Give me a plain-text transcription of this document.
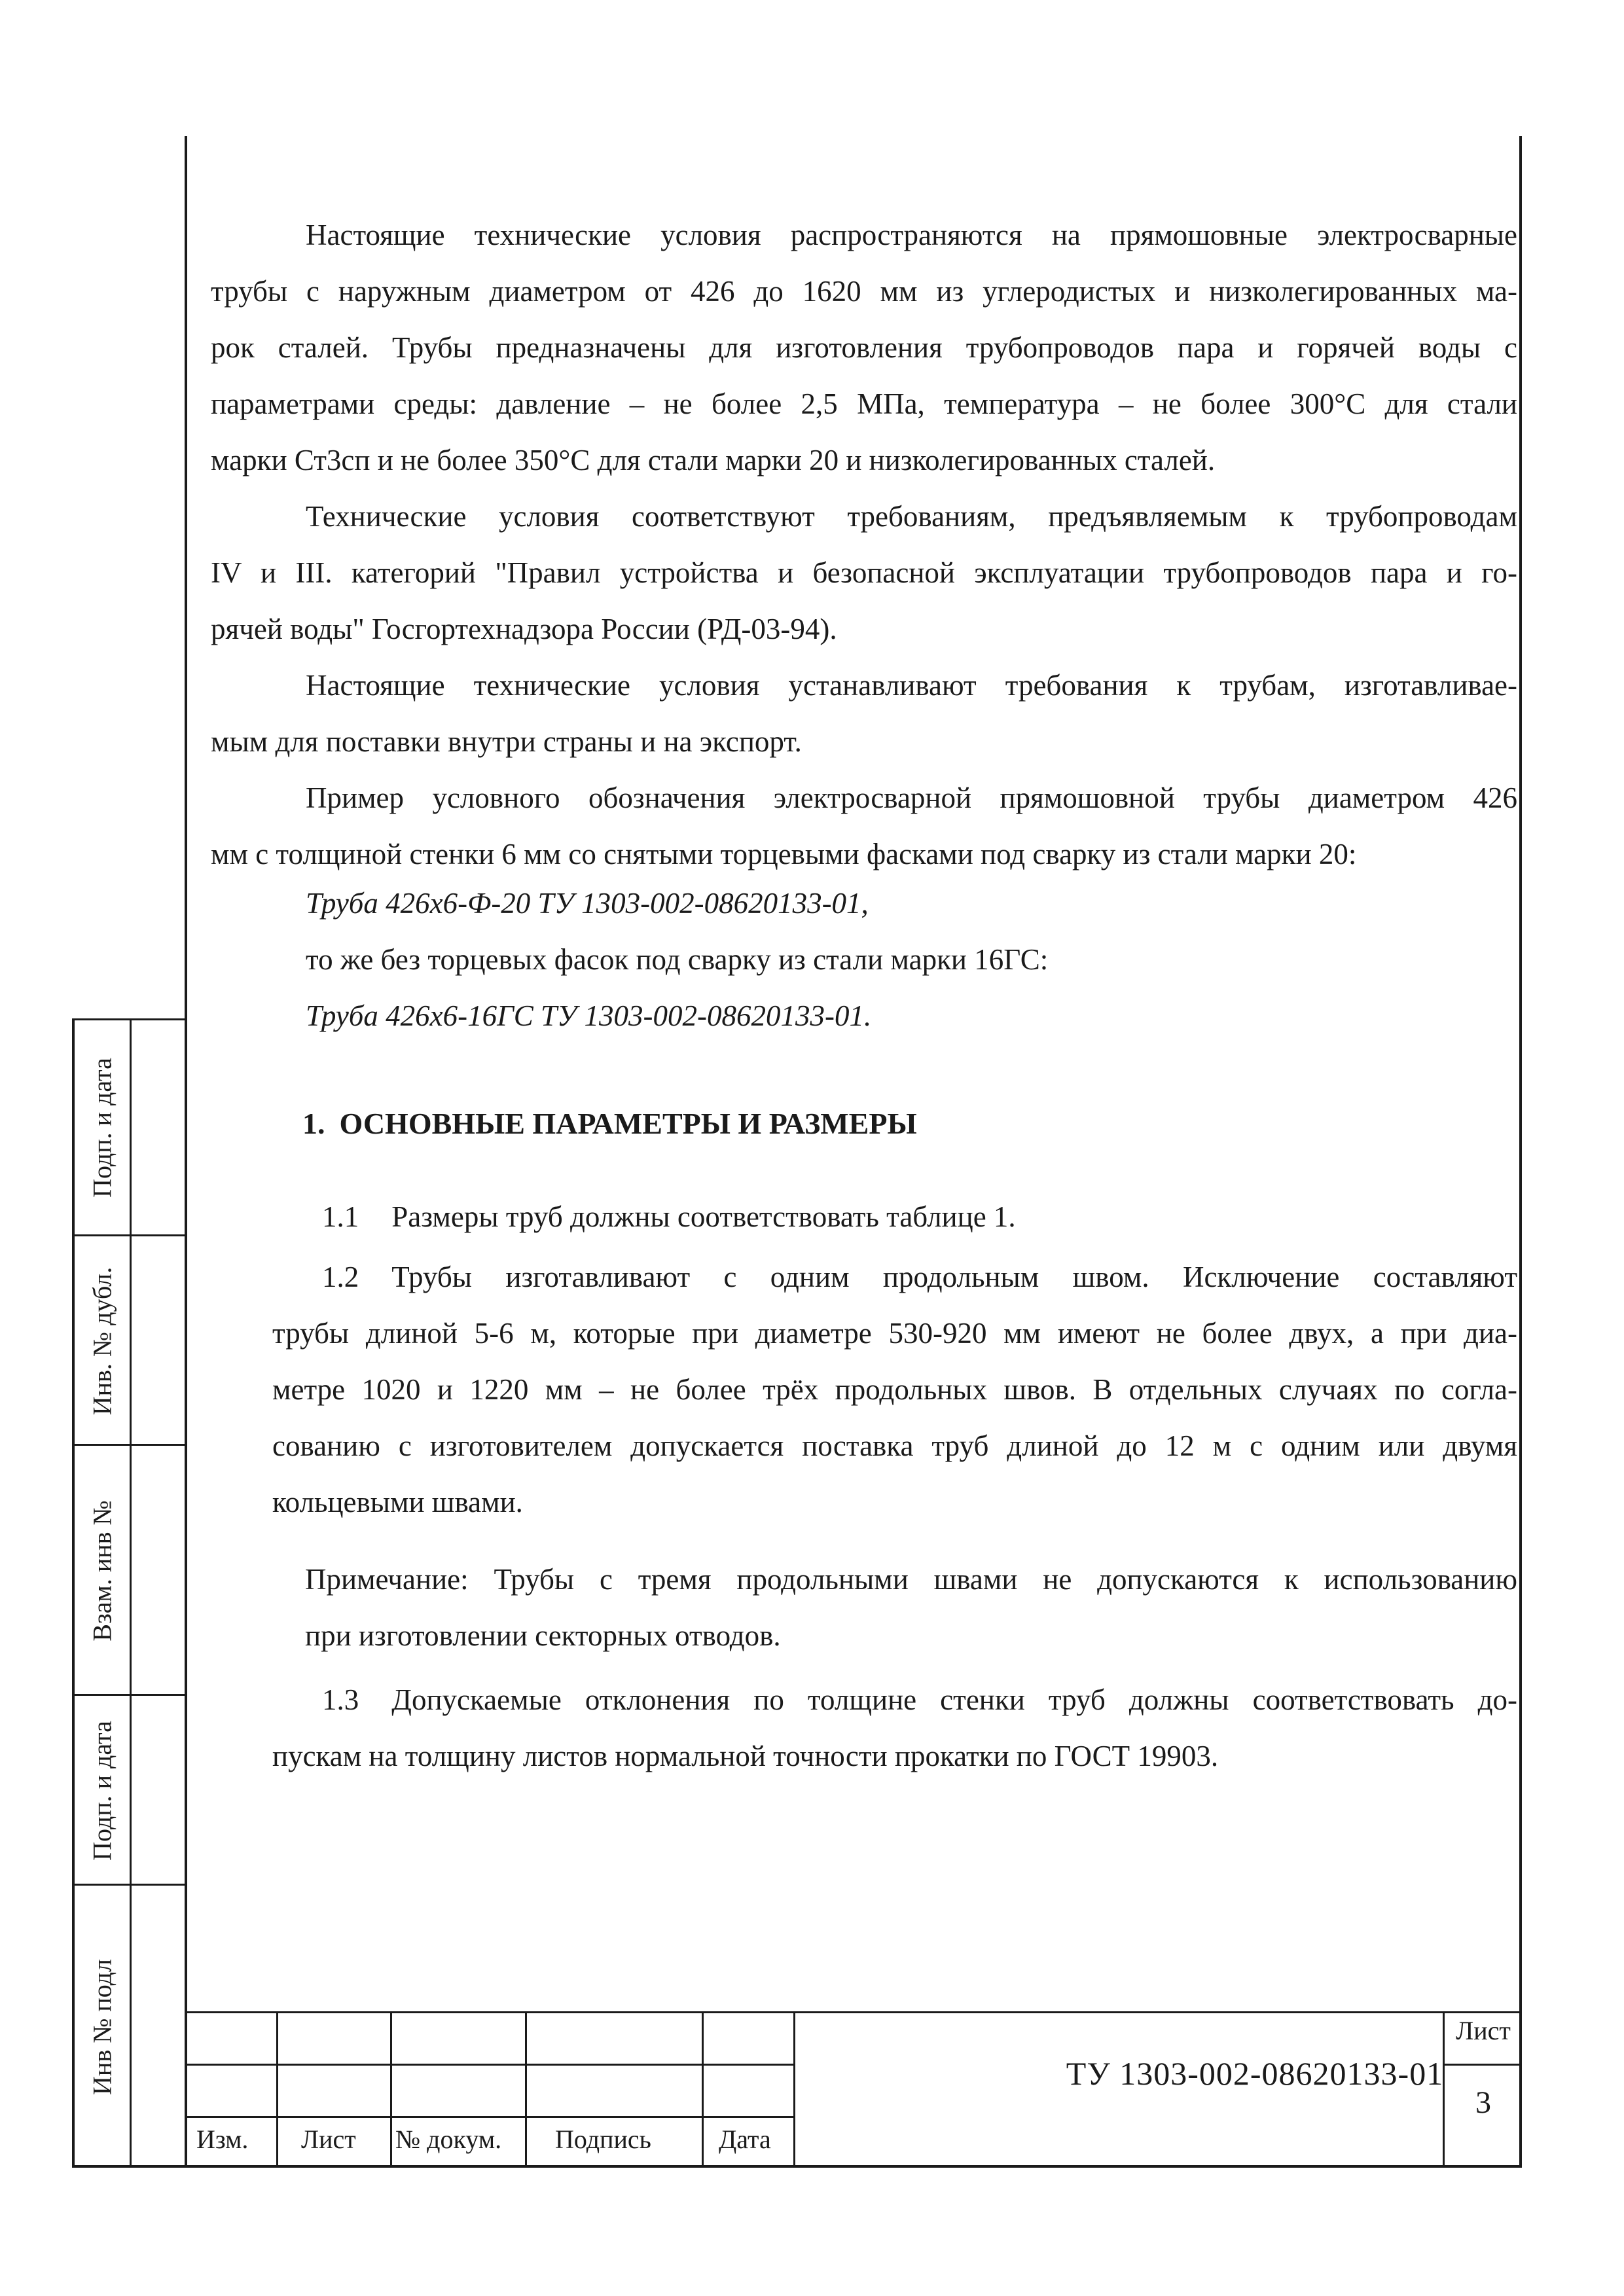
Подп. и дата
Инв. № дубл.
Взам. инв №
Подп. и дата
Инв № подл

Настоящие технические условия распространяются на прямошовные электросварные

трубы с наружным диаметром от 426 до 1620 мм из углеродистых и низколегированных ма-

рок сталей. Трубы предназначены для изготовления трубопроводов пара и горячей воды с

параметрами среды: давление – не более 2,5 МПа, температура – не более 300°С для стали

марки Ст3сп и не более 350°С для стали марки 20 и низколегированных сталей.

Технические условия соответствуют требованиям, предъявляемым к трубопроводам

IV и III. категорий "Правил устройства и безопасной эксплуатации трубопроводов пара и го-

рячей воды" Госгортехнадзора России (РД-03-94).

Настоящие технические условия устанавливают требования к трубам, изготавливае-

мым для поставки внутри страны и на экспорт.

Пример условного обозначения электросварной прямошовной трубы диаметром 426

мм с толщиной стенки 6 мм со снятыми торцевыми фасками под сварку из стали марки 20:

Труба 426х6-Ф-20 ТУ 1303-002-08620133-01,

то же без торцевых фасок под сварку из стали марки 16ГС:

Труба 426х6-16ГС ТУ 1303-002-08620133-01.

1. ОСНОВНЫЕ ПАРАМЕТРЫ И РАЗМЕРЫ

1.1 Размеры труб должны соответствовать таблице 1.

1.2 Трубы изготавливают с одним продольным швом. Исключение составляют

трубы длиной 5-6 м, которые при диаметре 530-920 мм имеют не более двух, а при диа-

метре 1020 и 1220 мм – не более трёх продольных швов. В отдельных случаях по согла-

сованию с изготовителем допускается поставка труб длиной до 12 м с одним или двумя

кольцевыми швами.

Примечание: Трубы с тремя продольными швами не допускаются к использованию

при изготовлении секторных отводов.

1.3 Допускаемые отклонения по толщине стенки труб должны соответствовать до-

пускам на толщину листов нормальной точности прокатки по ГОСТ 19903.

Изм. Лист № докум. Подпись	Дата
ТУ 1303-002-08620133-01
Лист
3
